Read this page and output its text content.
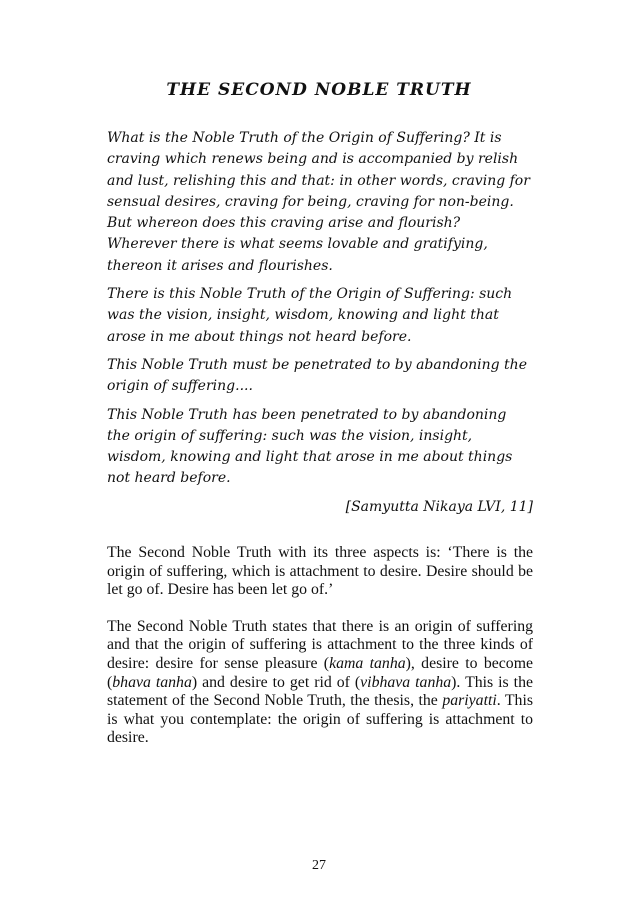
THE SECOND NOBLE TRUTH

What is the Noble Truth of the Origin of Suffering? It is craving which renews being and is accompanied by relish and lust, relishing this and that: in other words, craving for sensual desires, craving for being, craving for non-being. But whereon does this craving arise and flourish? Wherever there is what seems lovable and gratifying, thereon it arises and flourishes.

There is this Noble Truth of the Origin of Suffering: such was the vision, insight, wisdom, knowing and light that arose in me about things not heard before.

This Noble Truth must be penetrated to by abandoning the origin of suffering....

This Noble Truth has been penetrated to by abandoning the origin of suffering: such was the vision, insight, wisdom, knowing and light that arose in me about things not heard before.

[Samyutta Nikaya LVI, 11]

The Second Noble Truth with its three aspects is: ‘There is the origin of suffering, which is attachment to desire. Desire should be let go of. Desire has been let go of.’

The Second Noble Truth states that there is an origin of suffering and that the origin of suffering is attachment to the three kinds of desire: desire for sense pleasure (kama tanha), desire to become (bhava tanha) and desire to get rid of (vibhava tanha). This is the statement of the Second Noble Truth, the thesis, the pariyatti. This is what you contemplate: the origin of suffering is attachment to desire.

27
